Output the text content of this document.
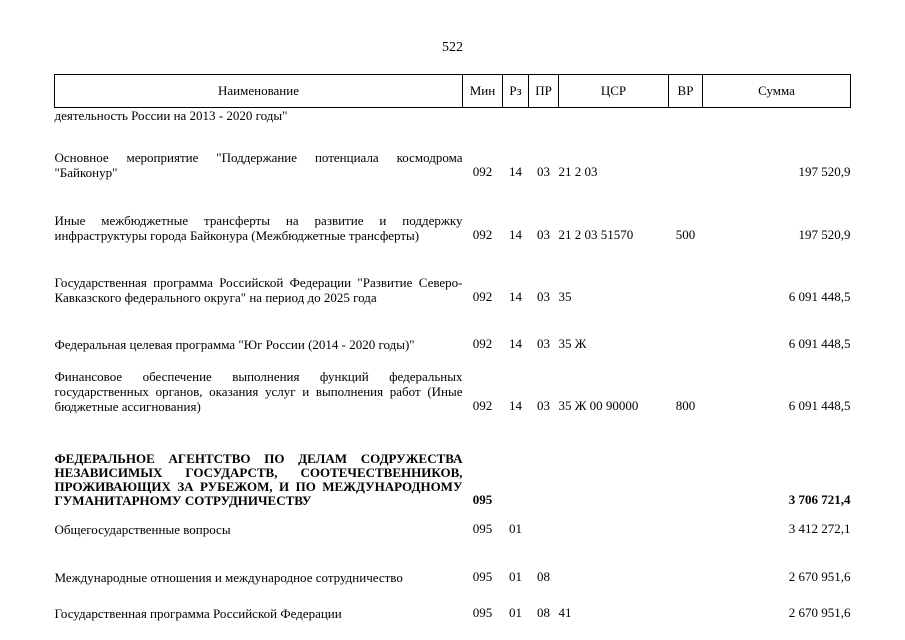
522
Наименование	Мин	Рз	ПР	ЦСР	ВР	Сумма
деятельность России на 2013 - 2020 годы"						
Основное мероприятие "Поддержание потенциала космодрома "Байконур"	092	14	03	21 2 03		197 520,9
Иные межбюджетные трансферты на развитие и поддержку инфраструктуры города Байконура (Межбюджетные трансферты)	092	14	03	21 2 03 51570	500	197 520,9
Государственная программа Российской Федерации "Развитие Северо-Кавказского федерального округа" на период до 2025 года	092	14	03	35		6 091 448,5
Федеральная целевая программа "Юг России (2014 - 2020 годы)"	092	14	03	35 Ж		6 091 448,5
Финансовое обеспечение выполнения функций федеральных государственных органов, оказания услуг и выполнения работ (Иные бюджетные ассигнования)	092	14	03	35 Ж 00 90000	800	6 091 448,5
ФЕДЕРАЛЬНОЕ АГЕНТСТВО ПО ДЕЛАМ СОДРУЖЕСТВА НЕЗАВИСИМЫХ ГОСУДАРСТВ, СООТЕЧЕСТВЕННИКОВ, ПРОЖИВАЮЩИХ ЗА РУБЕЖОМ, И ПО МЕЖДУНАРОДНОМУ ГУМАНИТАРНОМУ СОТРУДНИЧЕСТВУ	095					3 706 721,4
Общегосударственные вопросы	095	01				3 412 272,1
Международные отношения и международное сотрудничество	095	01	08			2 670 951,6
Государственная программа Российской Федерации	095	01	08	41		2 670 951,6
